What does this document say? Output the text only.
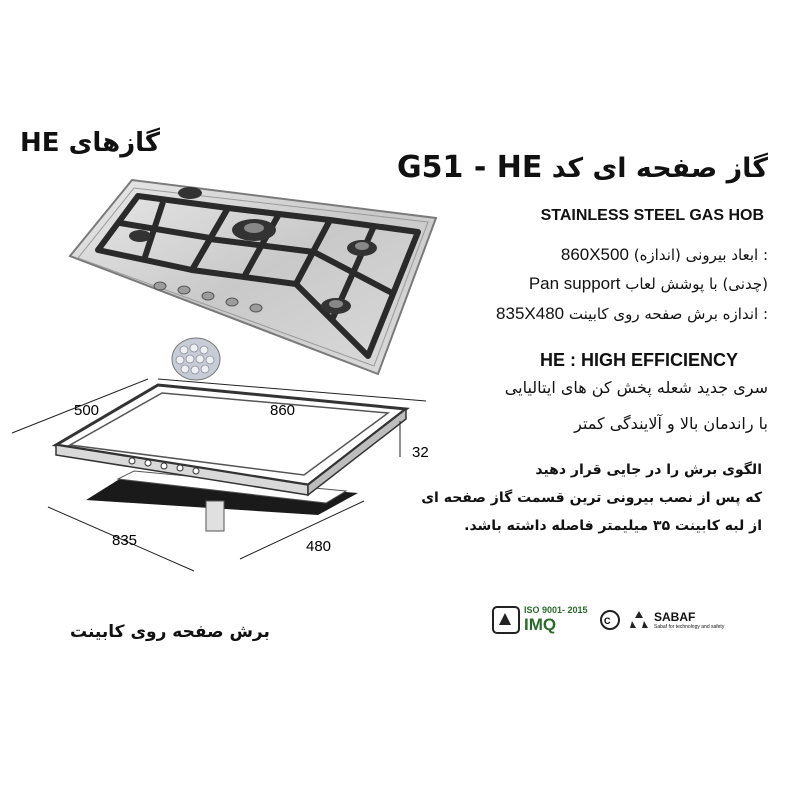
گازهای HE
گاز صفحه ای کد G51 - HE
STAINLESS STEEL GAS HOB
: ابعاد بیرونی (اندازه) 860X500
(چدنی) با پوشش لعاب Pan support
: اندازه برش صفحه روی کابینت 835X480
HE : HIGH EFFICIENCY
سری جدید شعله پخش کن های ایتالیایی
با راندمان بالا و آلایندگی کمتر
الگوی برش را در جایی قرار دهید
که پس از نصب بیرونی ترین قسمت گاز صفحه ای
از لبه کابینت ۳۵ میلیمتر فاصله داشته باشد.
500	860
32
835	480
برش صفحه روی کابینت
ISO 9001- 2015
IMQ	C	SABAF
Sabaf for technology and safety
